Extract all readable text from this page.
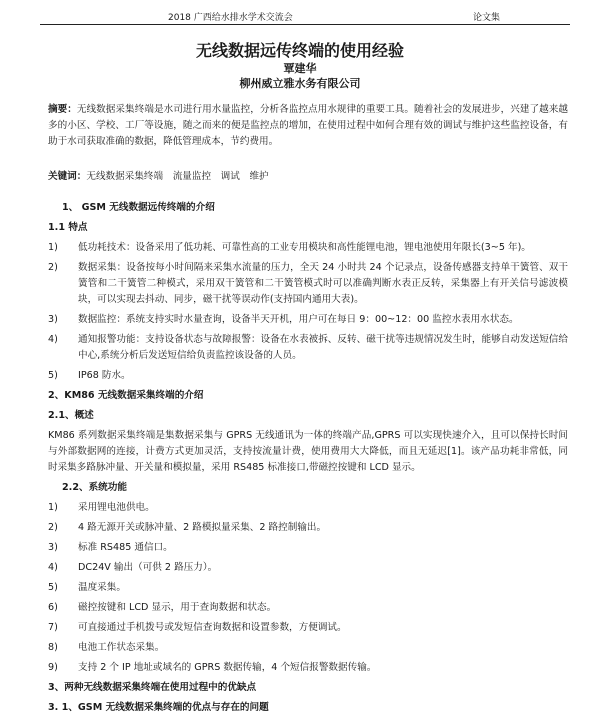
2018 广西给水排水学术交流会	论文集
无线数据远传终端的使用经验
覃建华
柳州威立雅水务有限公司
摘要：无线数据采集终端是水司进行用水量监控，分析各监控点用水规律的重要工具。随着社会的发展进步，兴建了越来越多的小区、学校、工厂等设施，随之而来的便是监控点的增加，在使用过程中如何合理有效的调试与维护这些监控设备，有助于水司获取准确的数据，降低管理成本，节约费用。
关键词：无线数据采集终端　流量监控　调试　维护
1、 GSM 无线数据远传终端的介绍
1.1 特点
1)	低功耗技术：设备采用了低功耗、可靠性高的工业专用模块和高性能锂电池，锂电池使用年限长(3~5 年)。
2)	数据采集：设备按每小时间隔来采集水流量的压力，全天 24 小时共 24 个记录点，设备传感器支持单干簧管、双干簧管和二干簧管二种模式，采用双干簧管和二干簧管模式时可以准确判断水表正反转，采集器上有开关信号滤波模块，可以实现去抖动、同步，磁干扰等误动作(支持国内通用大表)。
3)	数据监控：系统支持实时水量查询，设备半天开机，用户可在每日 9：00~12：00 监控水表用水状态。
4)	通知报警功能：支持设备状态与故障报警：设备在水表被拆、反转、磁干扰等违规情况发生时，能够自动发送短信给中心,系统分析后发送短信给负责监控该设备的人员。
5)	IP68 防水。
2、KM86 无线数据采集终端的介绍
2.1、概述
KM86 系列数据采集终端是集数据采集与 GPRS 无线通讯为一体的终端产品,GPRS 可以实现快速介入，且可以保持长时间与外部数据网的连接，计费方式更加灵活，支持按流量计费，使用费用大大降低，而且无延迟[1]。该产品功耗非常低，同时采集多路脉冲量、开关量和模拟量，采用 RS485 标准接口,带磁控按键和 LCD 显示。
2.2、系统功能
1)	采用锂电池供电。
2)	4 路无源开关或脉冲量、2 路模拟量采集、2 路控制输出。
3)	标准 RS485 通信口。
4)	DC24V 输出（可供 2 路压力）。
5)	温度采集。
6)	磁控按键和 LCD 显示，用于查询数据和状态。
7)	可直接通过手机拨号或发短信查询数据和设置参数，方便调试。
8)	电池工作状态采集。
9)	支持 2 个 IP 地址或域名的 GPRS 数据传输，4 个短信报警数据传输。
3、两种无线数据采集终端在使用过程中的优缺点
3. 1、GSM 无线数据采集终端的优点与存在的问题
